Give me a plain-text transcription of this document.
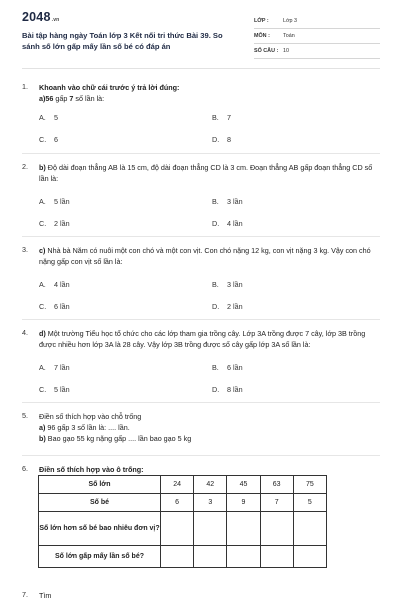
2048.vn
Bài tập hàng ngày Toán lớp 3 Kết nối tri thức Bài 39. So sánh số lớn gấp mấy lần số bé có đáp án
LỚP :	Lớp 3
MÔN :	Toán
SỐ CÂU : 10
1. Khoanh vào chữ cái trước ý trả lời đúng:
a)56 gấp 7 số lần là:
A. 5	B. 7
C. 6	D. 8
2. b) Độ dài đoạn thẳng AB là 15 cm, độ dài đoạn thẳng CD là 3 cm. Đoạn thẳng AB gấp đoạn thẳng CD số lần là:
A. 5 lần	B. 3 lần
C. 2 lần	D. 4 lần
3. c) Nhà bà Năm có nuôi một con chó và một con vịt. Con chó nặng 12 kg, con vịt nặng 3 kg. Vậy con chó nặng gấp con vịt số lần là:
A. 4 lần	B. 3 lần
C. 6 lần	D. 2 lần
4. d) Một trường Tiểu học tổ chức cho các lớp tham gia trồng cây. Lớp 3A trồng được 7 cây, lớp 3B trồng được nhiều hơn lớp 3A là 28 cây. Vậy lớp 3B trồng được số cây gấp lớp 3A số lần là:
A. 7 lần	B. 6 lần
C. 5 lần	D. 8 lần
5. Điền số thích hợp vào chỗ trống
a) 96 gấp 3 số lần là: .... lần.
b) Bao gạo 55 kg nặng gấp .... lần bao gạo 5 kg
6. Điền số thích hợp vào ô trống:
Số lớn	24	42	45	63	75
Số bé	6	3	9	7	5
Số lớn hơn số bé bao nhiêu đơn vị?					
Số lớn gấp mấy lần số bé?					
7. Tìm
